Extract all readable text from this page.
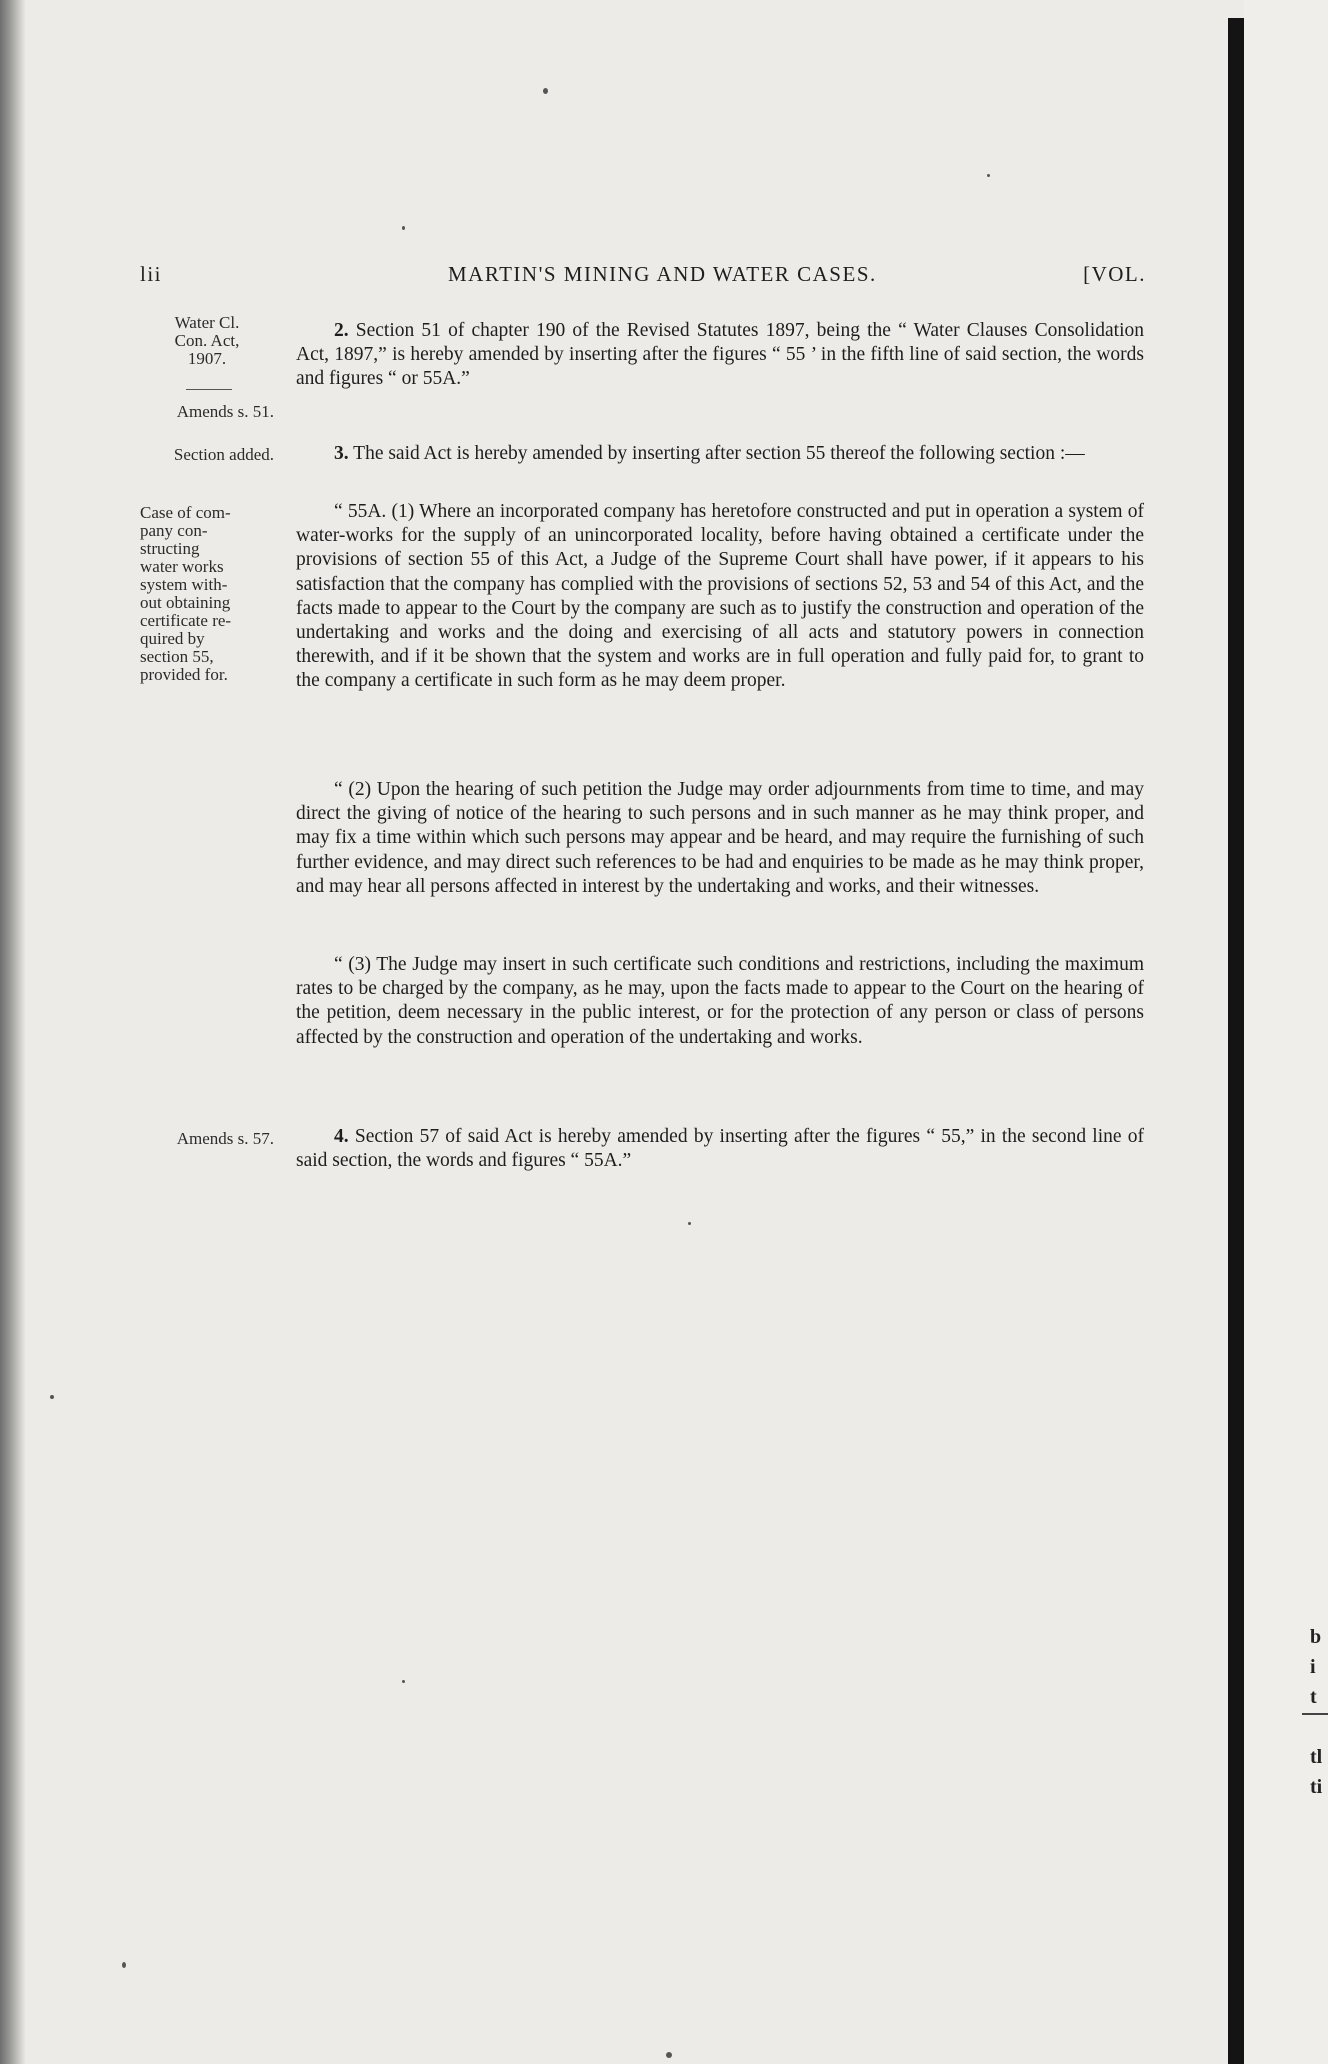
lii	MARTIN'S MINING AND WATER CASES.	[VOL.
Water Cl.
Con. Act,
1907.
Amends s. 51.
Section added.
Case of com-
pany con-
structing
water works
system with-
out obtaining
certificate re-
quired by
section 55,
provided for.
Amends s. 57.

2. Section 51 of chapter 190 of the Revised Statutes 1897, being the “ Water Clauses Consolidation Act, 1897,” is hereby amended by inserting after the figures “ 55 ’ in the fifth line of said section, the words and figures “ or 55A.”

3. The said Act is hereby amended by inserting after section 55 thereof the following section :—

“ 55A. (1) Where an incorporated company has heretofore constructed and put in operation a system of water-works for the supply of an unincorporated locality, before having obtained a certificate under the provisions of section 55 of this Act, a Judge of the Supreme Court shall have power, if it appears to his satisfaction that the company has complied with the provisions of sections 52, 53 and 54 of this Act, and the facts made to appear to the Court by the company are such as to justify the construction and operation of the undertaking and works and the doing and exercising of all acts and statutory powers in connection therewith, and if it be shown that the system and works are in full operation and fully paid for, to grant to the company a certificate in such form as he may deem proper.

“ (2) Upon the hearing of such petition the Judge may order adjournments from time to time, and may direct the giving of notice of the hearing to such persons and in such manner as he may think proper, and may fix a time within which such persons may appear and be heard, and may require the furnishing of such further evidence, and may direct such references to be had and enquiries to be made as he may think proper, and may hear all persons affected in interest by the undertaking and works, and their witnesses.

“ (3) The Judge may insert in such certificate such conditions and restrictions, including the maximum rates to be charged by the company, as he may, upon the facts made to appear to the Court on the hearing of the petition, deem necessary in the public interest, or for the protection of any person or class of persons affected by the construction and operation of the undertaking and works.

4. Section 57 of said Act is hereby amended by inserting after the figures “ 55,” in the second line of said section, the words and figures “ 55A.”

b
i
t

tl
ti
